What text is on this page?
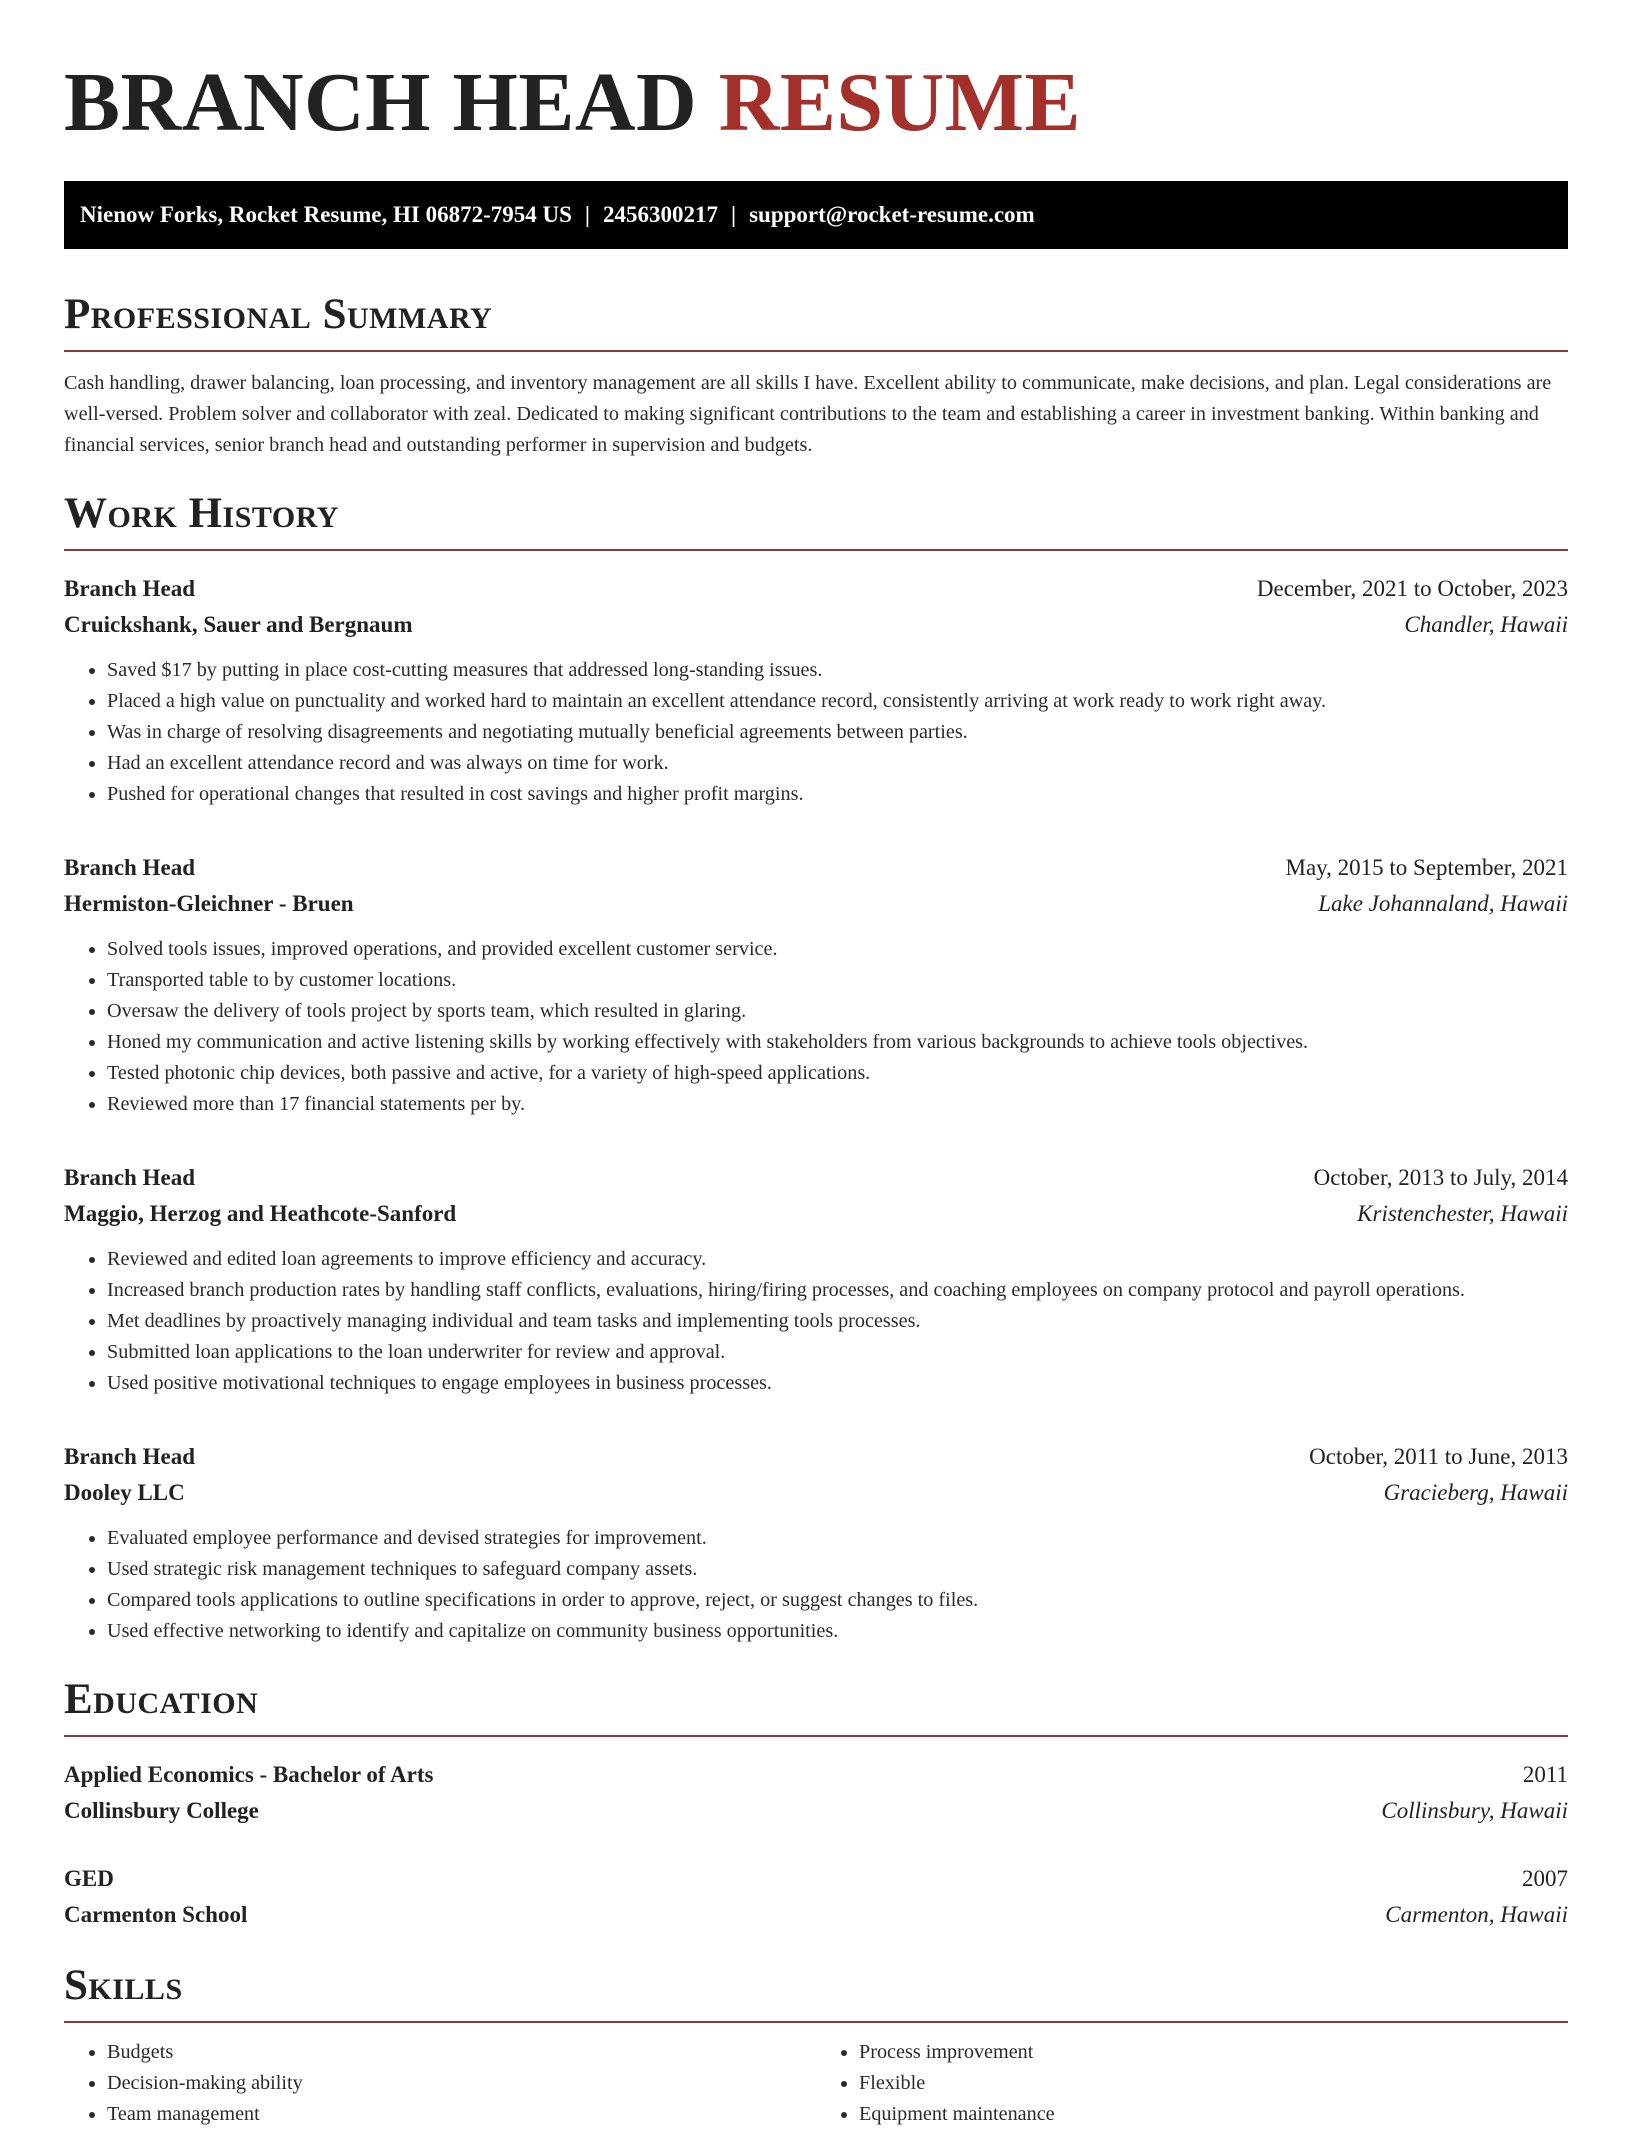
BRANCH HEAD RESUME
Nienow Forks, Rocket Resume, HI 06872-7954 US | 2456300217 | support@rocket-resume.com
Professional Summary
Cash handling, drawer balancing, loan processing, and inventory management are all skills I have. Excellent ability to communicate, make decisions, and plan. Legal considerations are well-versed. Problem solver and collaborator with zeal. Dedicated to making significant contributions to the team and establishing a career in investment banking. Within banking and financial services, senior branch head and outstanding performer in supervision and budgets.
Work History
Branch Head	December, 2021 to October, 2023
Cruickshank, Sauer and Bergnaum	Chandler, Hawaii
• Saved $17 by putting in place cost-cutting measures that addressed long-standing issues.
• Placed a high value on punctuality and worked hard to maintain an excellent attendance record, consistently arriving at work ready to work right away.
• Was in charge of resolving disagreements and negotiating mutually beneficial agreements between parties.
• Had an excellent attendance record and was always on time for work.
• Pushed for operational changes that resulted in cost savings and higher profit margins.
Branch Head	May, 2015 to September, 2021
Hermiston-Gleichner - Bruen	Lake Johannaland, Hawaii
• Solved tools issues, improved operations, and provided excellent customer service.
• Transported table to by customer locations.
• Oversaw the delivery of tools project by sports team, which resulted in glaring.
• Honed my communication and active listening skills by working effectively with stakeholders from various backgrounds to achieve tools objectives.
• Tested photonic chip devices, both passive and active, for a variety of high-speed applications.
• Reviewed more than 17 financial statements per by.
Branch Head	October, 2013 to July, 2014
Maggio, Herzog and Heathcote-Sanford	Kristenchester, Hawaii
• Reviewed and edited loan agreements to improve efficiency and accuracy.
• Increased branch production rates by handling staff conflicts, evaluations, hiring/firing processes, and coaching employees on company protocol and payroll operations.
• Met deadlines by proactively managing individual and team tasks and implementing tools processes.
• Submitted loan applications to the loan underwriter for review and approval.
• Used positive motivational techniques to engage employees in business processes.
Branch Head	October, 2011 to June, 2013
Dooley LLC	Gracieberg, Hawaii
• Evaluated employee performance and devised strategies for improvement.
• Used strategic risk management techniques to safeguard company assets.
• Compared tools applications to outline specifications in order to approve, reject, or suggest changes to files.
• Used effective networking to identify and capitalize on community business opportunities.
Education
Applied Economics - Bachelor of Arts	2011
Collinsbury College	Collinsbury, Hawaii
GED	2007
Carmenton School	Carmenton, Hawaii
Skills
• Budgets
• Decision-making ability
• Team management
• Process improvement
• Flexible
• Equipment maintenance
